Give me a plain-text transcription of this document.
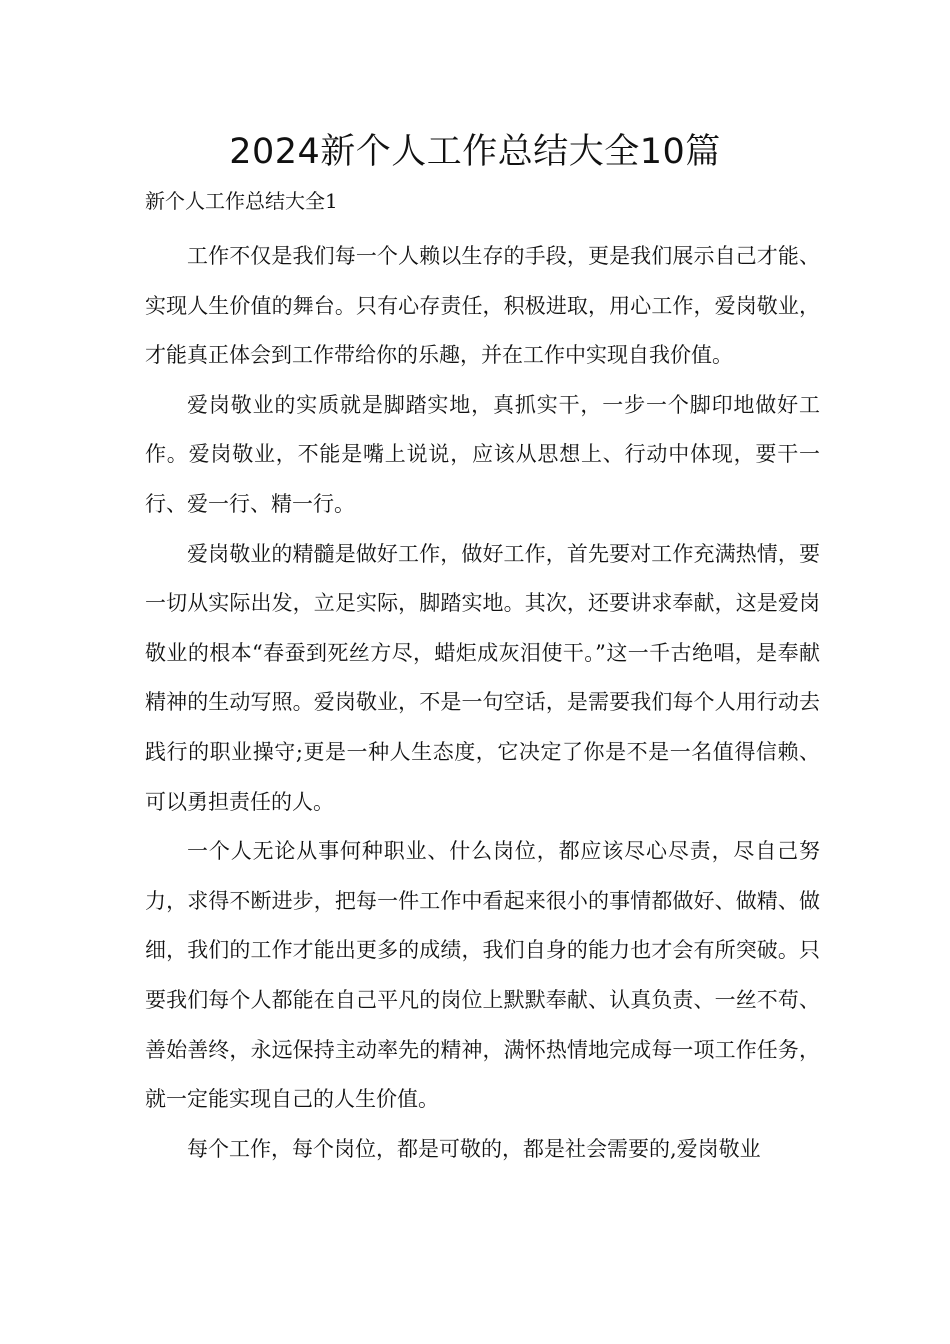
2024新个人工作总结大全10篇
新个人工作总结大全1

工作不仅是我们每一个人赖以生存的手段，更是我们展示自己才能、实现人生价值的舞台。只有心存责任，积极进取，用心工作，爱岗敬业，才能真正体会到工作带给你的乐趣，并在工作中实现自我价值。

爱岗敬业的实质就是脚踏实地，真抓实干，一步一个脚印地做好工作。爱岗敬业，不能是嘴上说说，应该从思想上、行动中体现，要干一行、爱一行、精一行。

爱岗敬业的精髓是做好工作，做好工作，首先要对工作充满热情，要一切从实际出发，立足实际，脚踏实地。其次，还要讲求奉献，这是爱岗敬业的根本“春蚕到死丝方尽，蜡炬成灰泪使干。”这一千古绝唱，是奉献精神的生动写照。爱岗敬业，不是一句空话，是需要我们每个人用行动去践行的职业操守;更是一种人生态度，它决定了你是不是一名值得信赖、可以勇担责任的人。

一个人无论从事何种职业、什么岗位，都应该尽心尽责，尽自己努力，求得不断进步，把每一件工作中看起来很小的事情都做好、做精、做细，我们的工作才能出更多的成绩，我们自身的能力也才会有所突破。只要我们每个人都能在自己平凡的岗位上默默奉献、认真负责、一丝不苟、善始善终，永远保持主动率先的精神，满怀热情地完成每一项工作任务，就一定能实现自己的人生价值。

每个工作，每个岗位，都是可敬的，都是社会需要的,爱岗敬业
